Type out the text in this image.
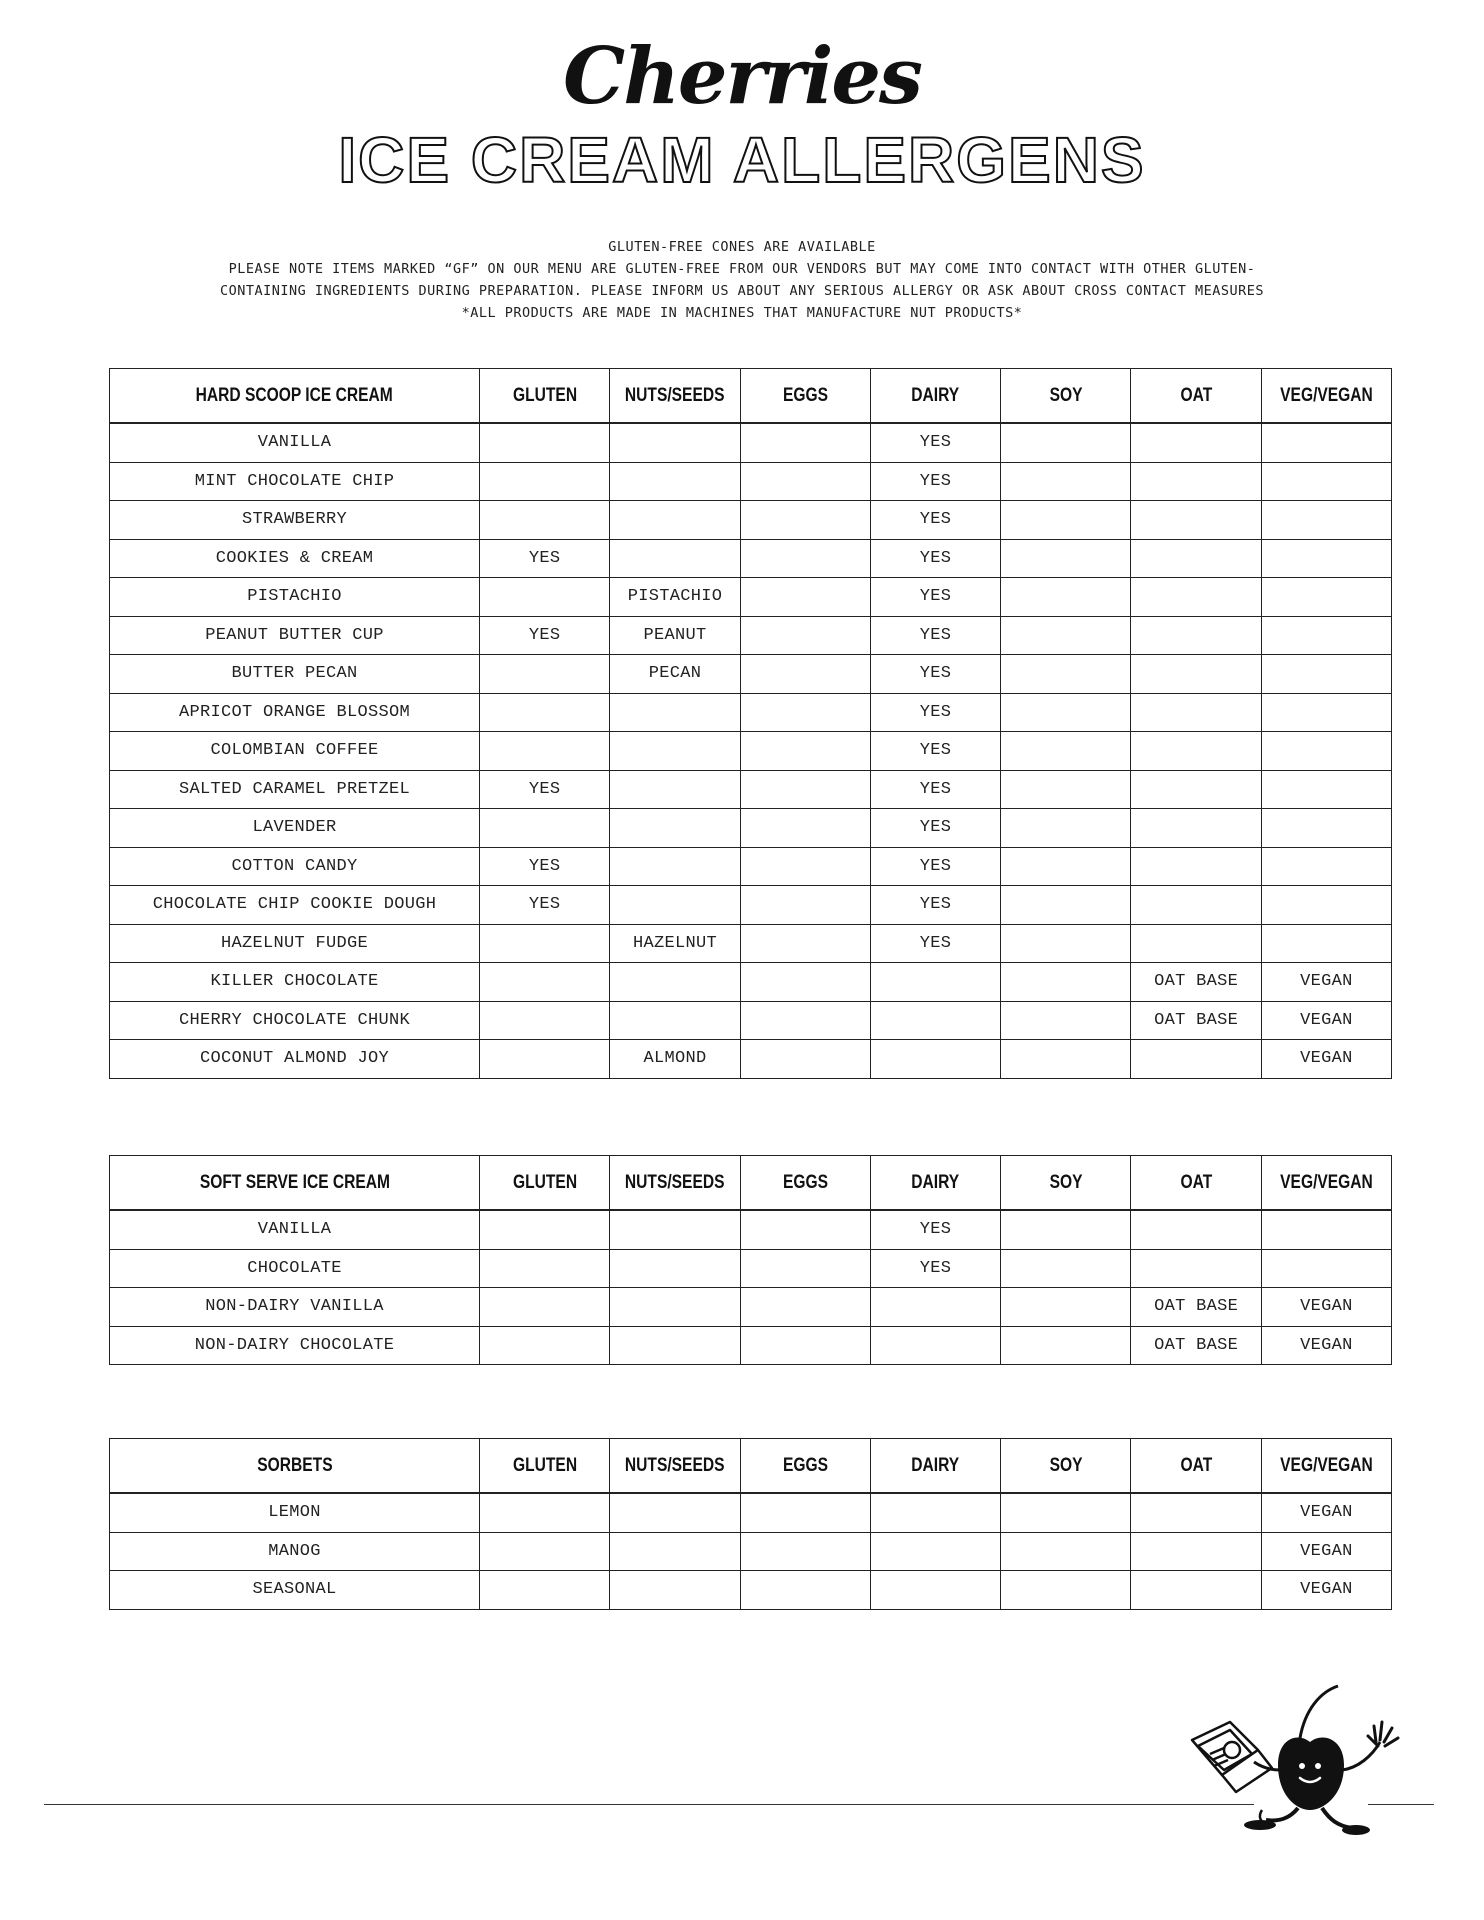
Cherries
ICE CREAM ALLERGENS
GLUTEN-FREE CONES ARE AVAILABLE
PLEASE NOTE ITEMS MARKED “GF” ON OUR MENU ARE GLUTEN-FREE FROM OUR VENDORS BUT MAY COME INTO CONTACT WITH OTHER GLUTEN-
CONTAINING INGREDIENTS DURING PREPARATION. PLEASE INFORM US ABOUT ANY SERIOUS ALLERGY OR ASK ABOUT CROSS CONTACT MEASURES
*ALL PRODUCTS ARE MADE IN MACHINES THAT MANUFACTURE NUT PRODUCTS*
HARD SCOOP ICE CREAM	GLUTEN	NUTS/SEEDS	EGGS	DAIRY	SOY	OAT	VEG/VEGAN
VANILLA				YES			
MINT CHOCOLATE CHIP				YES			
STRAWBERRY				YES			
COOKIES & CREAM	YES			YES			
PISTACHIO		PISTACHIO		YES			
PEANUT BUTTER CUP	YES	PEANUT		YES			
BUTTER PECAN		PECAN		YES			
APRICOT ORANGE BLOSSOM				YES			
COLOMBIAN COFFEE				YES			
SALTED CARAMEL PRETZEL	YES			YES			
LAVENDER				YES			
COTTON CANDY	YES			YES			
CHOCOLATE CHIP COOKIE DOUGH	YES			YES			
HAZELNUT FUDGE		HAZELNUT		YES			
KILLER CHOCOLATE						OAT BASE	VEGAN
CHERRY CHOCOLATE CHUNK						OAT BASE	VEGAN
COCONUT ALMOND JOY		ALMOND					VEGAN
SOFT SERVE ICE CREAM	GLUTEN	NUTS/SEEDS	EGGS	DAIRY	SOY	OAT	VEG/VEGAN
VANILLA				YES			
CHOCOLATE				YES			
NON-DAIRY VANILLA						OAT BASE	VEGAN
NON-DAIRY CHOCOLATE						OAT BASE	VEGAN
SORBETS	GLUTEN	NUTS/SEEDS	EGGS	DAIRY	SOY	OAT	VEG/VEGAN
LEMON							VEGAN
MANOG							VEGAN
SEASONAL							VEGAN
